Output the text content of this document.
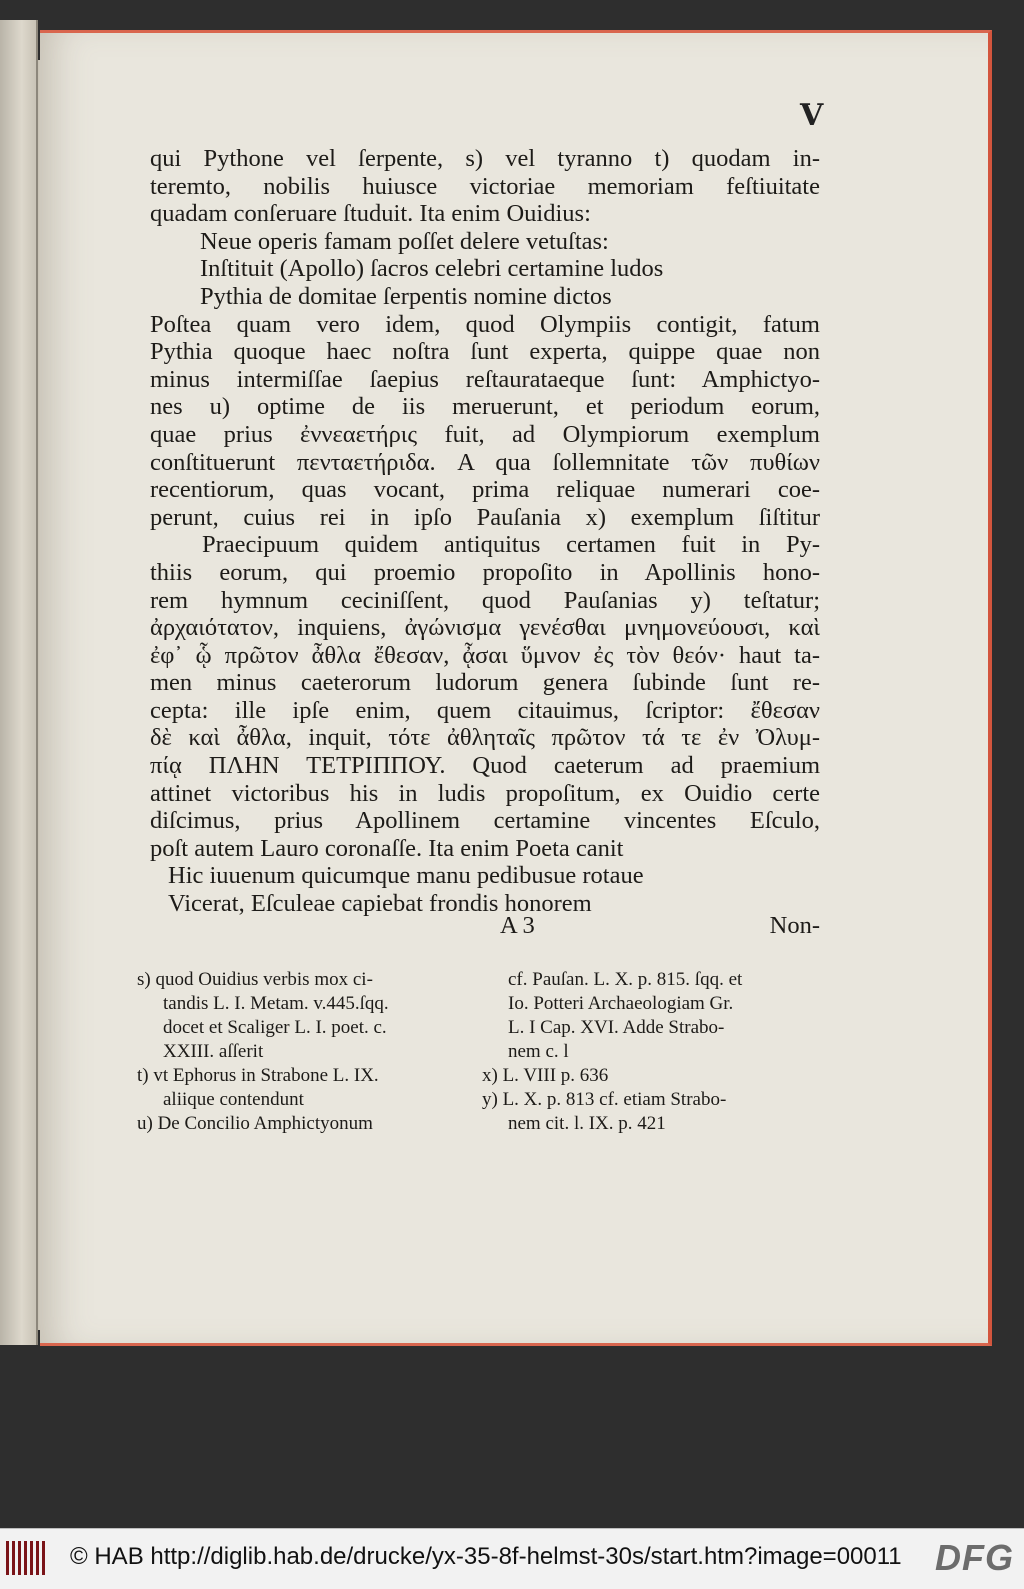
V
qui Pythone vel ſerpente, s) vel tyranno t) quodam in-
teremto, nobilis huiusce victoriae memoriam feſtiuitate
quadam conſeruare ſtuduit. Ita enim Ouidius:
Neue operis famam poſſet delere vetuſtas:
Inſtituit (Apollo) ſacros celebri certamine ludos
Pythia de domitae ſerpentis nomine dictos
Poſtea quam vero idem, quod Olympiis contigit, fatum
Pythia quoque haec noſtra ſunt experta, quippe quae non
minus intermiſſae ſaepius reſtaurataeque ſunt: Amphictyo-
nes u) optime de iis meruerunt, et periodum eorum,
quae prius ἐννεαετήρις fuit, ad Olympiorum exemplum
conſtituerunt πενταετήριδα. A qua ſollemnitate τῶν πυθίων
recentiorum, quas vocant, prima reliquae numerari coe-
perunt, cuius rei in ipſo Pauſania x) exemplum ſiſtitur
Praecipuum quidem antiquitus certamen fuit in Py-
thiis eorum, qui proemio propoſito in Apollinis hono-
rem hymnum ceciniſſent, quod Pauſanias y) teſtatur;
ἀρχαιότατον, inquiens, ἀγώνισμα γενέσθαι μνημονεύουσι, καὶ
ἐφ᾽ ᾧ πρῶτον ἆθλα ἔθεσαν, ᾆσαι ὕμνον ἐς τὸν θεόν· haut ta-
men minus caeterorum ludorum genera ſubinde ſunt re-
cepta: ille ipſe enim, quem citauimus, ſcriptor: ἔθεσαν
δὲ καὶ ἆθλα, inquit, τότε ἀθληταῖς πρῶτον τά τε ἐν Ὀλυμ-
πίᾳ ΠΛΗΝ ΤΕΤΡΙΠΠΟΥ. Quod caeterum ad praemium
attinet victoribus his in ludis propoſitum, ex Ouidio certe
diſcimus, prius Apollinem certamine vincentes Eſculo,
poſt autem Lauro coronaſſe. Ita enim Poeta canit
Hic iuuenum quicumque manu pedibusue rotaue
Vicerat, Eſculeae capiebat frondis honorem
A 3	Non-
s) quod Ouidius verbis mox ci-
tandis L. I. Metam. v.445.ſqq.
docet et Scaliger L. I. poet. c.
XXIII. aſſerit
t) vt Ephorus in Strabone L. IX.
aliique contendunt
u) De Concilio Amphictyonum
cf. Pauſan. L. X. p. 815. ſqq. et
Io. Potteri Archaeologiam Gr.
L. I Cap. XVI. Adde Strabo-
nem c. l
x) L. VIII p. 636
y) L. X. p. 813 cf. etiam Strabo-
nem cit. l. IX. p. 421
© HAB http://diglib.hab.de/drucke/yx-35-8f-helmst-30s/start.htm?image=00011 DFG
